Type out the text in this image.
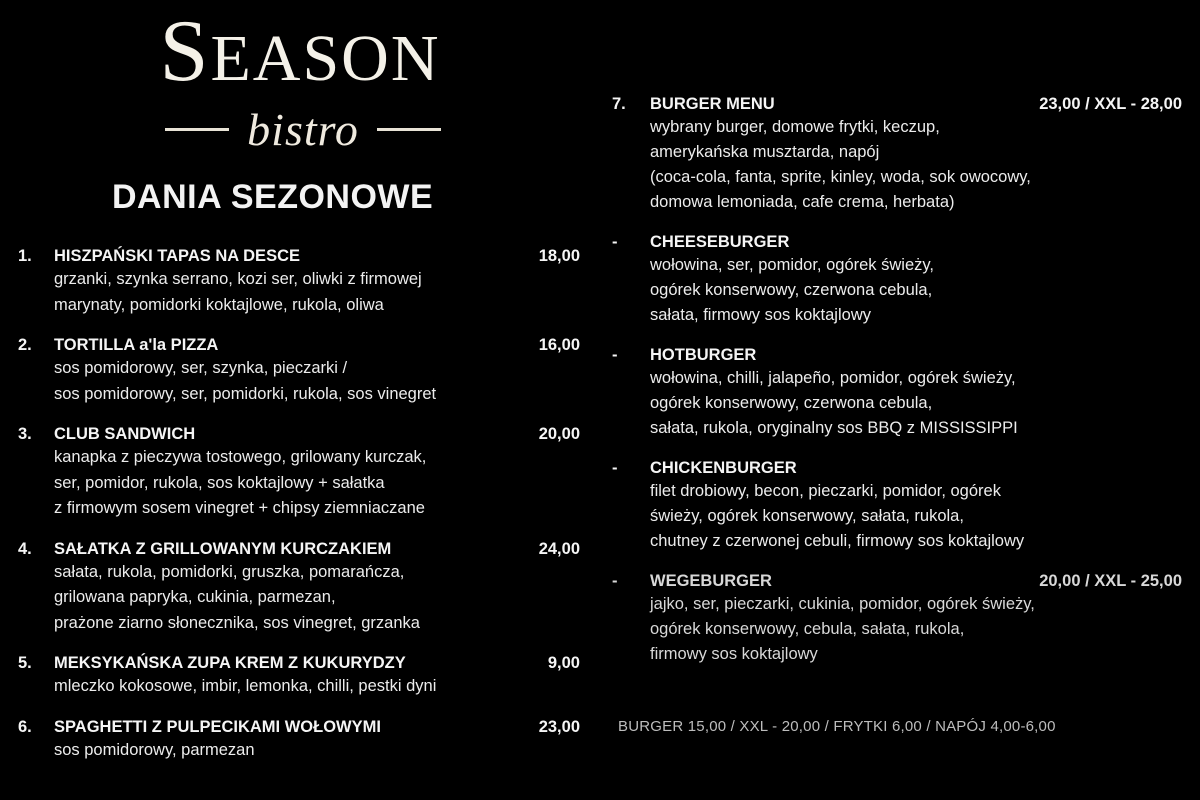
SEASON
bistro
DANIA SEZONOWE
1.	HISZPAŃSKI TAPAS NA DESCE	18,00
grzanki, szynka serrano, kozi ser, oliwki z firmowej
marynaty, pomidorki koktajlowe, rukola, oliwa
2.	TORTILLA a'la PIZZA	16,00
sos pomidorowy, ser, szynka, pieczarki /
sos pomidorowy, ser, pomidorki, rukola, sos vinegret
3.	CLUB SANDWICH	20,00
kanapka z pieczywa tostowego, grilowany kurczak,
ser, pomidor, rukola, sos koktajlowy + sałatka
z firmowym sosem vinegret + chipsy ziemniaczane
4.	SAŁATKA Z GRILLOWANYM KURCZAKIEM	24,00
sałata, rukola, pomidorki, gruszka, pomarańcza,
grilowana papryka, cukinia, parmezan,
prażone ziarno słonecznika, sos vinegret, grzanka
5.	MEKSYKAŃSKA ZUPA KREM Z KUKURYDZY	9,00
mleczko kokosowe, imbir, lemonka, chilli, pestki dyni
6.	SPAGHETTI Z PULPECIKAMI WOŁOWYMI	23,00
sos pomidorowy, parmezan
7.	BURGER MENU	23,00 / XXL - 28,00
wybrany burger, domowe frytki, keczup,
amerykańska musztarda, napój
(coca-cola, fanta, sprite, kinley, woda, sok owocowy,
domowa lemoniada, cafe crema, herbata)
-	CHEESEBURGER
wołowina, ser, pomidor, ogórek świeży,
ogórek konserwowy, czerwona cebula,
sałata, firmowy sos koktajlowy
-	HOTBURGER
wołowina, chilli, jalapeño, pomidor, ogórek świeży,
ogórek konserwowy, czerwona cebula,
sałata, rukola, oryginalny sos BBQ z MISSISSIPPI
-	CHICKENBURGER
filet drobiowy, becon, pieczarki, pomidor, ogórek
świeży, ogórek konserwowy, sałata, rukola,
chutney z czerwonej cebuli, firmowy sos koktajlowy
-	WEGEBURGER	20,00 / XXL - 25,00
jajko, ser, pieczarki, cukinia, pomidor, ogórek świeży,
ogórek konserwowy, cebula, sałata, rukola,
firmowy sos koktajlowy
BURGER 15,00 / XXL - 20,00 / FRYTKI 6,00 / NAPÓJ 4,00-6,00
